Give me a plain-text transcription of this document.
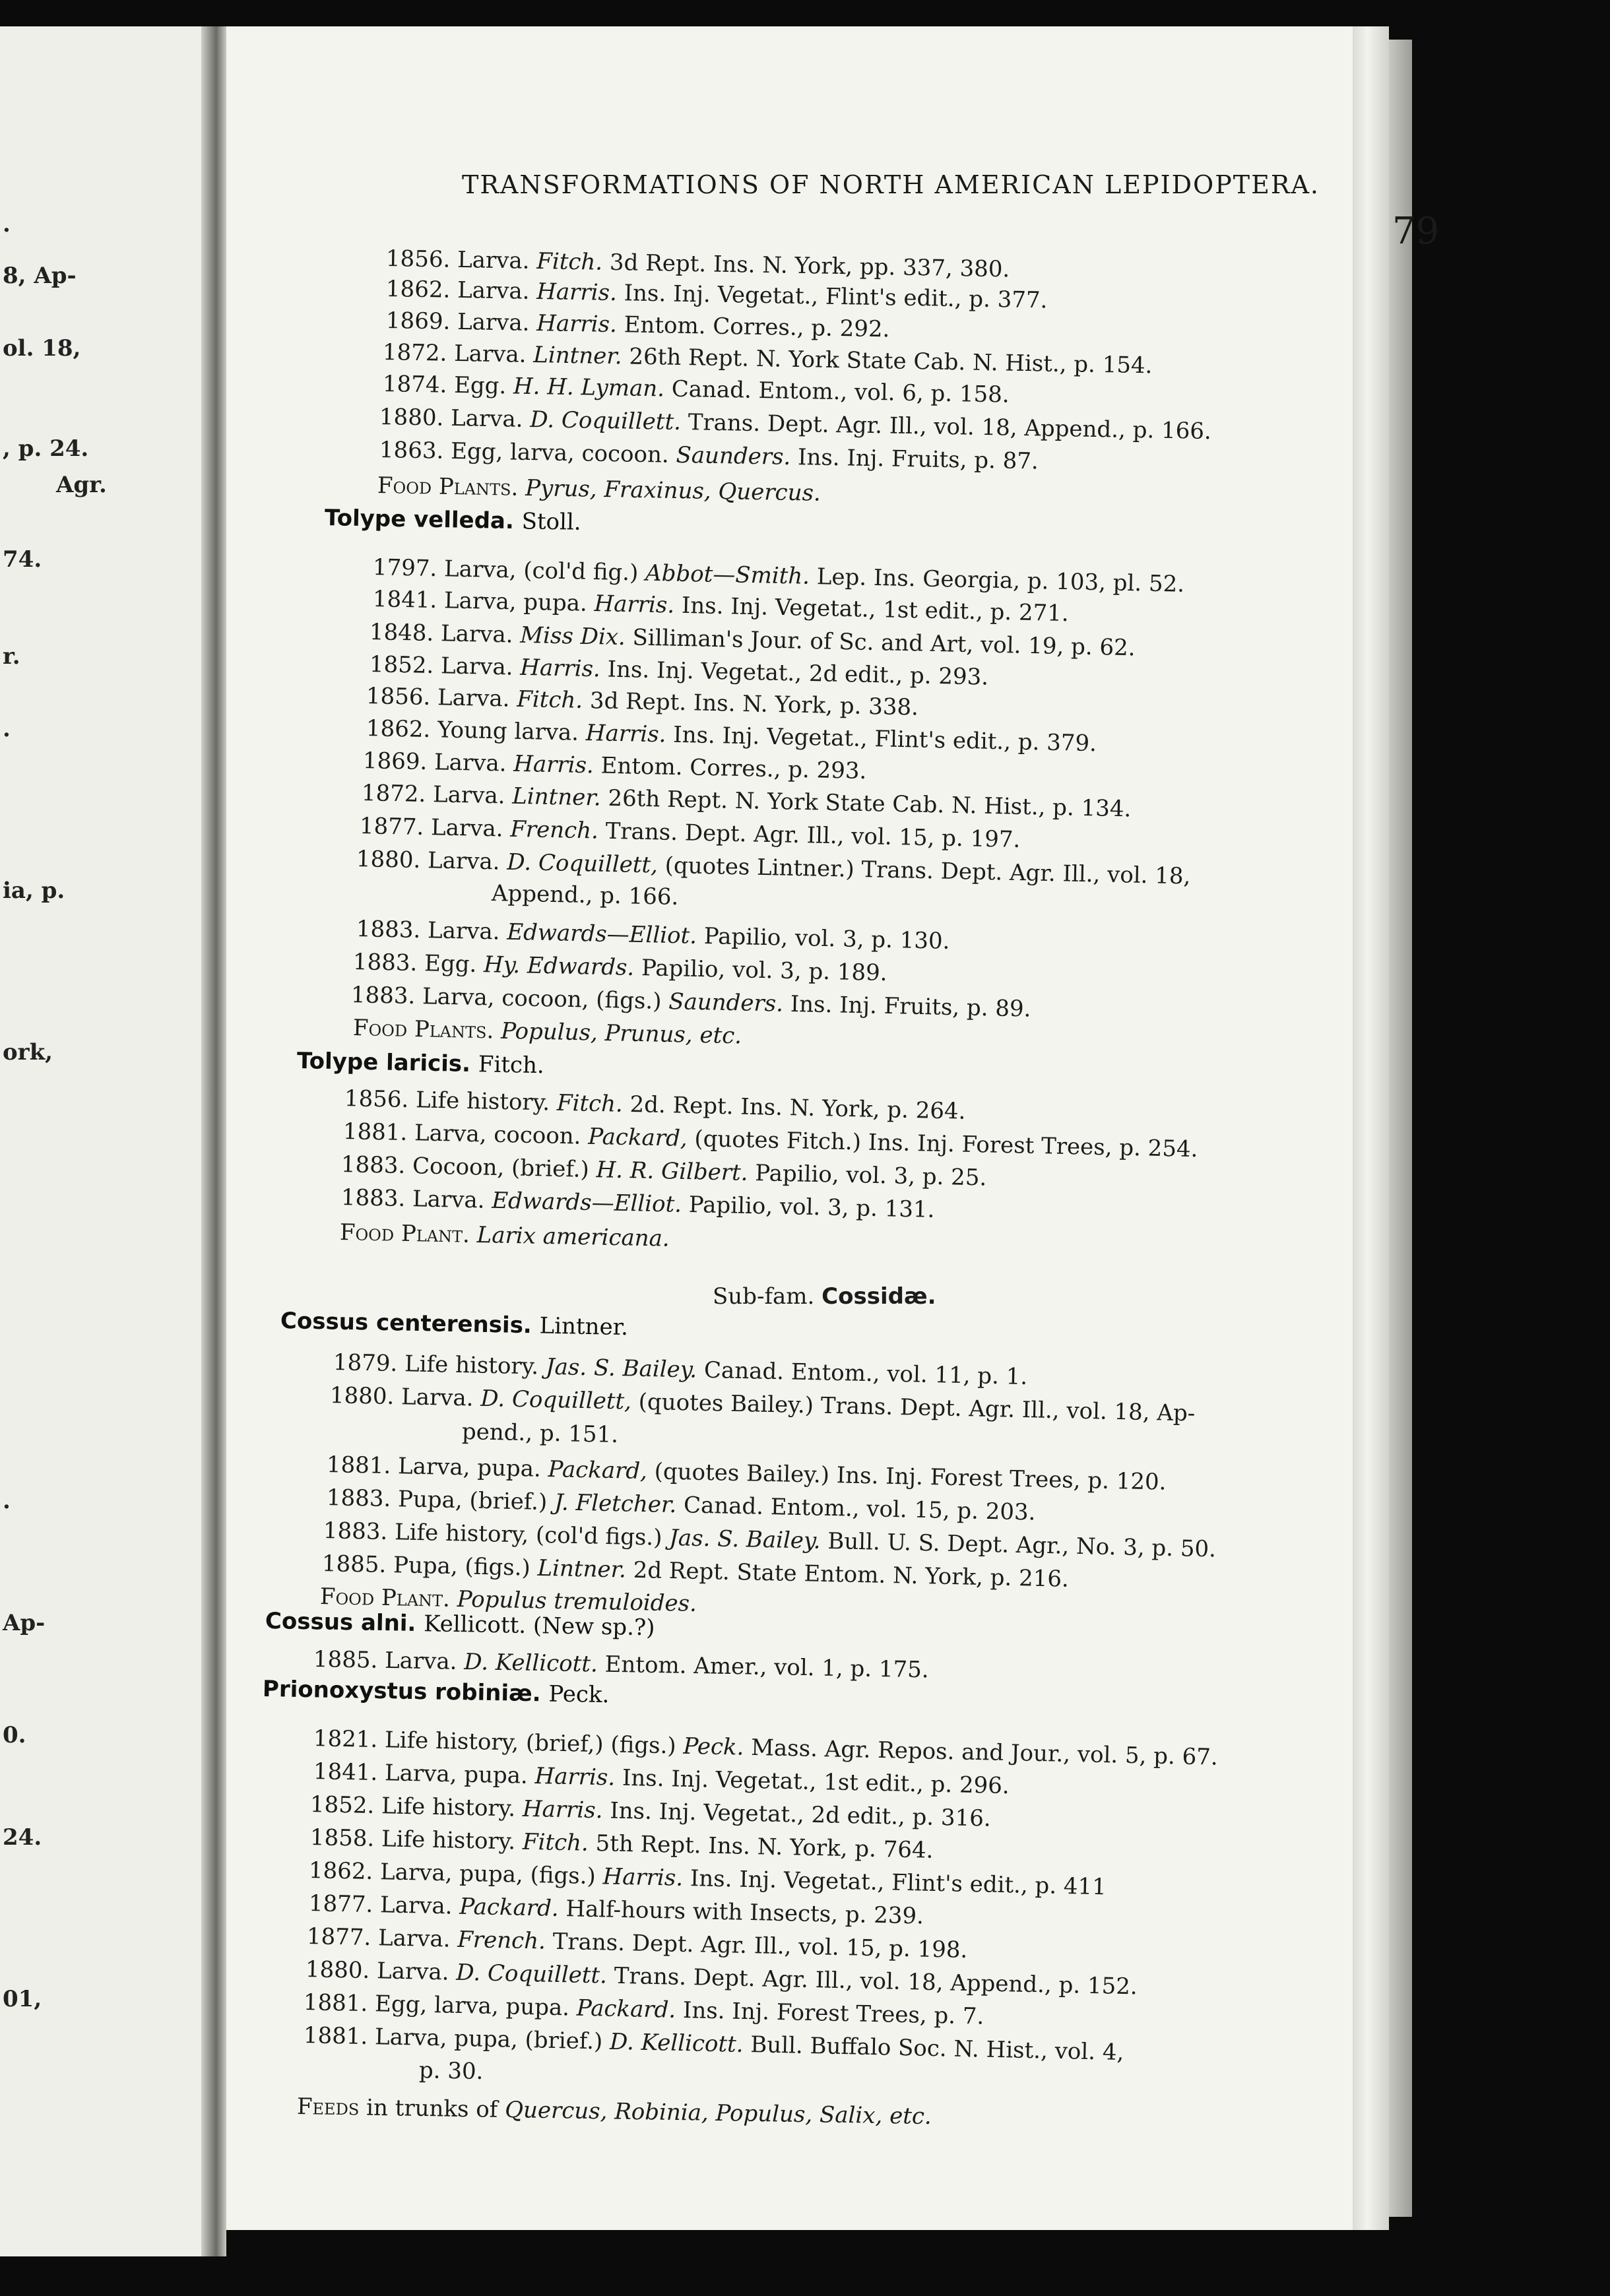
.
8, Ap-
ol. 18,
, p. 24.
Agr.
74.
r.
.
ia, p.
ork,
.
Ap-
0.
24.
01,
TRANSFORMATIONS OF NORTH AMERICAN LEPIDOPTERA.
79
1856. Larva. Fitch. 3d Rept. Ins. N. York, pp. 337, 380.
1862. Larva. Harris. Ins. Inj. Vegetat., Flint's edit., p. 377.
1869. Larva. Harris. Entom. Corres., p. 292.
1872. Larva. Lintner. 26th Rept. N. York State Cab. N. Hist., p. 154.
1874. Egg. H. H. Lyman. Canad. Entom., vol. 6, p. 158.
1880. Larva. D. Coquillett. Trans. Dept. Agr. Ill., vol. 18, Append., p. 166.
1863. Egg, larva, cocoon. Saunders. Ins. Inj. Fruits, p. 87.
Food Plants. Pyrus, Fraxinus, Quercus.
Tolype velleda. Stoll.
1797. Larva, (col'd fig.) Abbot—Smith. Lep. Ins. Georgia, p. 103, pl. 52.
1841. Larva, pupa. Harris. Ins. Inj. Vegetat., 1st edit., p. 271.
1848. Larva. Miss Dix. Silliman's Jour. of Sc. and Art, vol. 19, p. 62.
1852. Larva. Harris. Ins. Inj. Vegetat., 2d edit., p. 293.
1856. Larva. Fitch. 3d Rept. Ins. N. York, p. 338.
1862. Young larva. Harris. Ins. Inj. Vegetat., Flint's edit., p. 379.
1869. Larva. Harris. Entom. Corres., p. 293.
1872. Larva. Lintner. 26th Rept. N. York State Cab. N. Hist., p. 134.
1877. Larva. French. Trans. Dept. Agr. Ill., vol. 15, p. 197.
1880. Larva. D. Coquillett, (quotes Lintner.) Trans. Dept. Agr. Ill., vol. 18,
Append., p. 166.
1883. Larva. Edwards—Elliot. Papilio, vol. 3, p. 130.
1883. Egg. Hy. Edwards. Papilio, vol. 3, p. 189.
1883. Larva, cocoon, (figs.) Saunders. Ins. Inj. Fruits, p. 89.
Food Plants. Populus, Prunus, etc.
Tolype laricis. Fitch.
1856. Life history. Fitch. 2d. Rept. Ins. N. York, p. 264.
1881. Larva, cocoon. Packard, (quotes Fitch.) Ins. Inj. Forest Trees, p. 254.
1883. Cocoon, (brief.) H. R. Gilbert. Papilio, vol. 3, p. 25.
1883. Larva. Edwards—Elliot. Papilio, vol. 3, p. 131.
Food Plant. Larix americana.
Sub-fam. Cossidæ.
Cossus centerensis. Lintner.
1879. Life history. Jas. S. Bailey. Canad. Entom., vol. 11, p. 1.
1880. Larva. D. Coquillett, (quotes Bailey.) Trans. Dept. Agr. Ill., vol. 18, Ap-
pend., p. 151.
1881. Larva, pupa. Packard, (quotes Bailey.) Ins. Inj. Forest Trees, p. 120.
1883. Pupa, (brief.) J. Fletcher. Canad. Entom., vol. 15, p. 203.
1883. Life history, (col'd figs.) Jas. S. Bailey. Bull. U. S. Dept. Agr., No. 3, p. 50.
1885. Pupa, (figs.) Lintner. 2d Rept. State Entom. N. York, p. 216.
Food Plant. Populus tremuloides.
Cossus alni. Kellicott. (New sp.?)
1885. Larva. D. Kellicott. Entom. Amer., vol. 1, p. 175.
Prionoxystus robiniæ. Peck.
1821. Life history, (brief,) (figs.) Peck. Mass. Agr. Repos. and Jour., vol. 5, p. 67.
1841. Larva, pupa. Harris. Ins. Inj. Vegetat., 1st edit., p. 296.
1852. Life history. Harris. Ins. Inj. Vegetat., 2d edit., p. 316.
1858. Life history. Fitch. 5th Rept. Ins. N. York, p. 764.
1862. Larva, pupa, (figs.) Harris. Ins. Inj. Vegetat., Flint's edit., p. 411
1877. Larva. Packard. Half-hours with Insects, p. 239.
1877. Larva. French. Trans. Dept. Agr. Ill., vol. 15, p. 198.
1880. Larva. D. Coquillett. Trans. Dept. Agr. Ill., vol. 18, Append., p. 152.
1881. Egg, larva, pupa. Packard. Ins. Inj. Forest Trees, p. 7.
1881. Larva, pupa, (brief.) D. Kellicott. Bull. Buffalo Soc. N. Hist., vol. 4,
p. 30.
Feeds in trunks of Quercus, Robinia, Populus, Salix, etc.
